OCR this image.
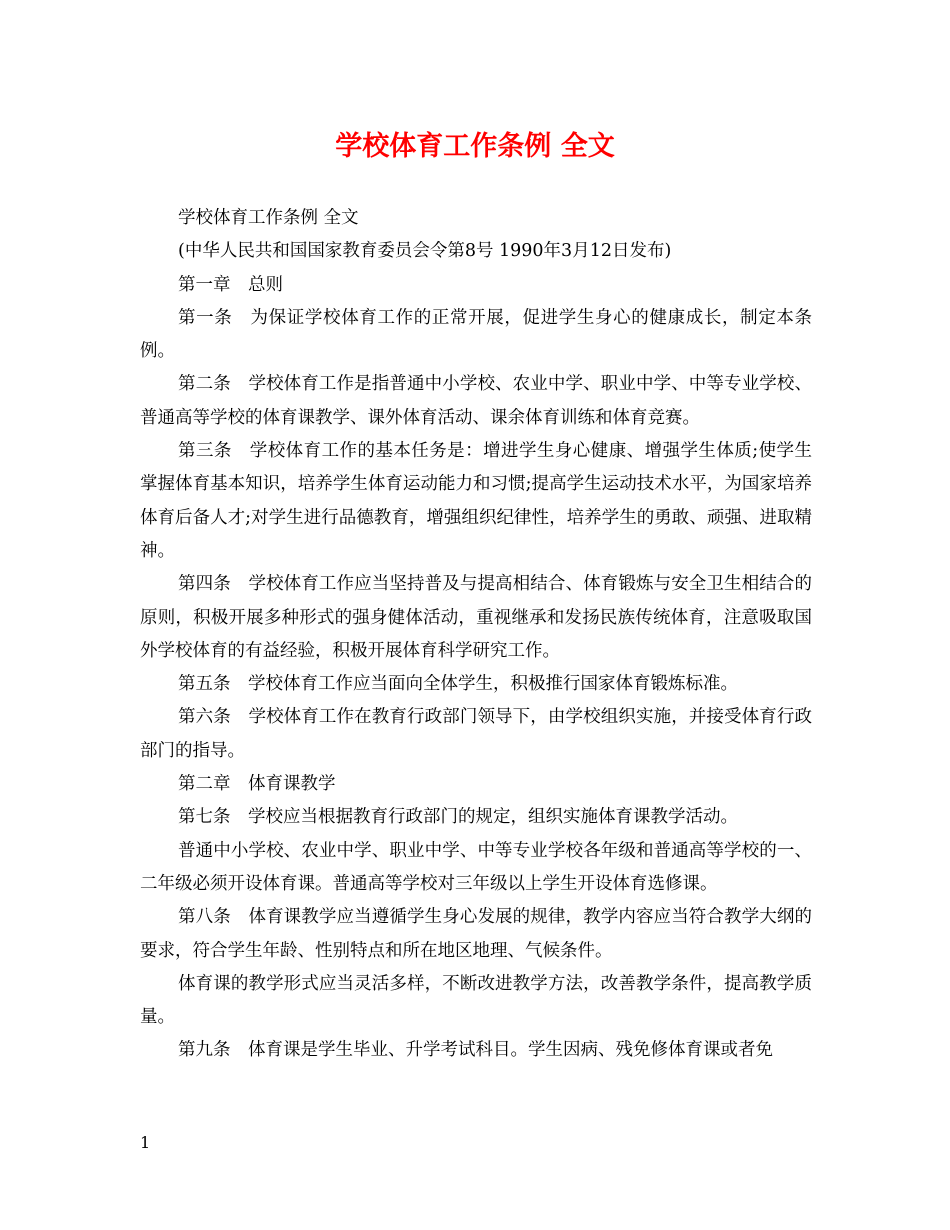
学校体育工作条例 全文

学校体育工作条例 全文

(中华人民共和国国家教育委员会令第8号 1990年3月12日发布)

第一章　总则

第一条　为保证学校体育工作的正常开展，促进学生身心的健康成长，制定本条例。

第二条　学校体育工作是指普通中小学校、农业中学、职业中学、中等专业学校、普通高等学校的体育课教学、课外体育活动、课余体育训练和体育竞赛。

第三条　学校体育工作的基本任务是：增进学生身心健康、增强学生体质;使学生掌握体育基本知识，培养学生体育运动能力和习惯;提高学生运动技术水平，为国家培养体育后备人才;对学生进行品德教育，增强组织纪律性，培养学生的勇敢、顽强、进取精神。

第四条　学校体育工作应当坚持普及与提高相结合、体育锻炼与安全卫生相结合的原则，积极开展多种形式的强身健体活动，重视继承和发扬民族传统体育，注意吸取国外学校体育的有益经验，积极开展体育科学研究工作。

第五条　学校体育工作应当面向全体学生，积极推行国家体育锻炼标准。

第六条　学校体育工作在教育行政部门领导下，由学校组织实施，并接受体育行政部门的指导。

第二章　体育课教学

第七条　学校应当根据教育行政部门的规定，组织实施体育课教学活动。

普通中小学校、农业中学、职业中学、中等专业学校各年级和普通高等学校的一、二年级必须开设体育课。普通高等学校对三年级以上学生开设体育选修课。

第八条　体育课教学应当遵循学生身心发展的规律，教学内容应当符合教学大纲的要求，符合学生年龄、性别特点和所在地区地理、气候条件。

体育课的教学形式应当灵活多样，不断改进教学方法，改善教学条件，提高教学质量。

第九条　体育课是学生毕业、升学考试科目。学生因病、残免修体育课或者免

1
